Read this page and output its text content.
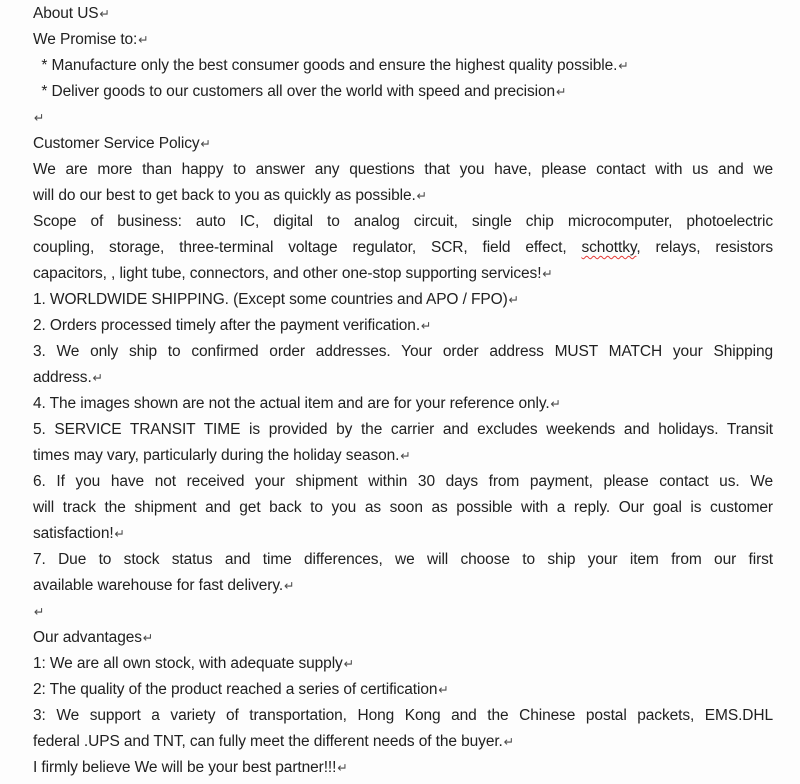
About US↵

We Promise to:↵

* Manufacture only the best consumer goods and ensure the highest quality possible.↵

* Deliver goods to our customers all over the world with speed and precision↵

↵

Customer Service Policy↵

We are more than happy to answer any questions that you have, please contact with us and we
will do our best to get back to you as quickly as possible.↵

Scope of business: auto IC, digital to analog circuit, single chip microcomputer, photoelectric
coupling, storage, three-terminal voltage regulator, SCR, field effect, schottky, relays, resistors
capacitors, , light tube, connectors, and other one-stop supporting services!↵

1. WORLDWIDE SHIPPING. (Except some countries and APO / FPO)↵

2. Orders processed timely after the payment verification.↵

3. We only ship to confirmed order addresses. Your order address MUST MATCH your Shipping
address.↵

4. The images shown are not the actual item and are for your reference only.↵

5. SERVICE TRANSIT TIME is provided by the carrier and excludes weekends and holidays. Transit
times may vary, particularly during the holiday season.↵

6. If you have not received your shipment within 30 days from payment, please contact us. We
will track the shipment and get back to you as soon as possible with a reply. Our goal is customer
satisfaction!↵

7. Due to stock status and time differences, we will choose to ship your item from our first
available warehouse for fast delivery.↵

↵

Our advantages↵

1: We are all own stock, with adequate supply↵

2: The quality of the product reached a series of certification↵

3: We support a variety of transportation, Hong Kong and the Chinese postal packets, EMS.DHL
federal .UPS and TNT, can fully meet the different needs of the buyer.↵

I firmly believe We will be your best partner!!!↵
